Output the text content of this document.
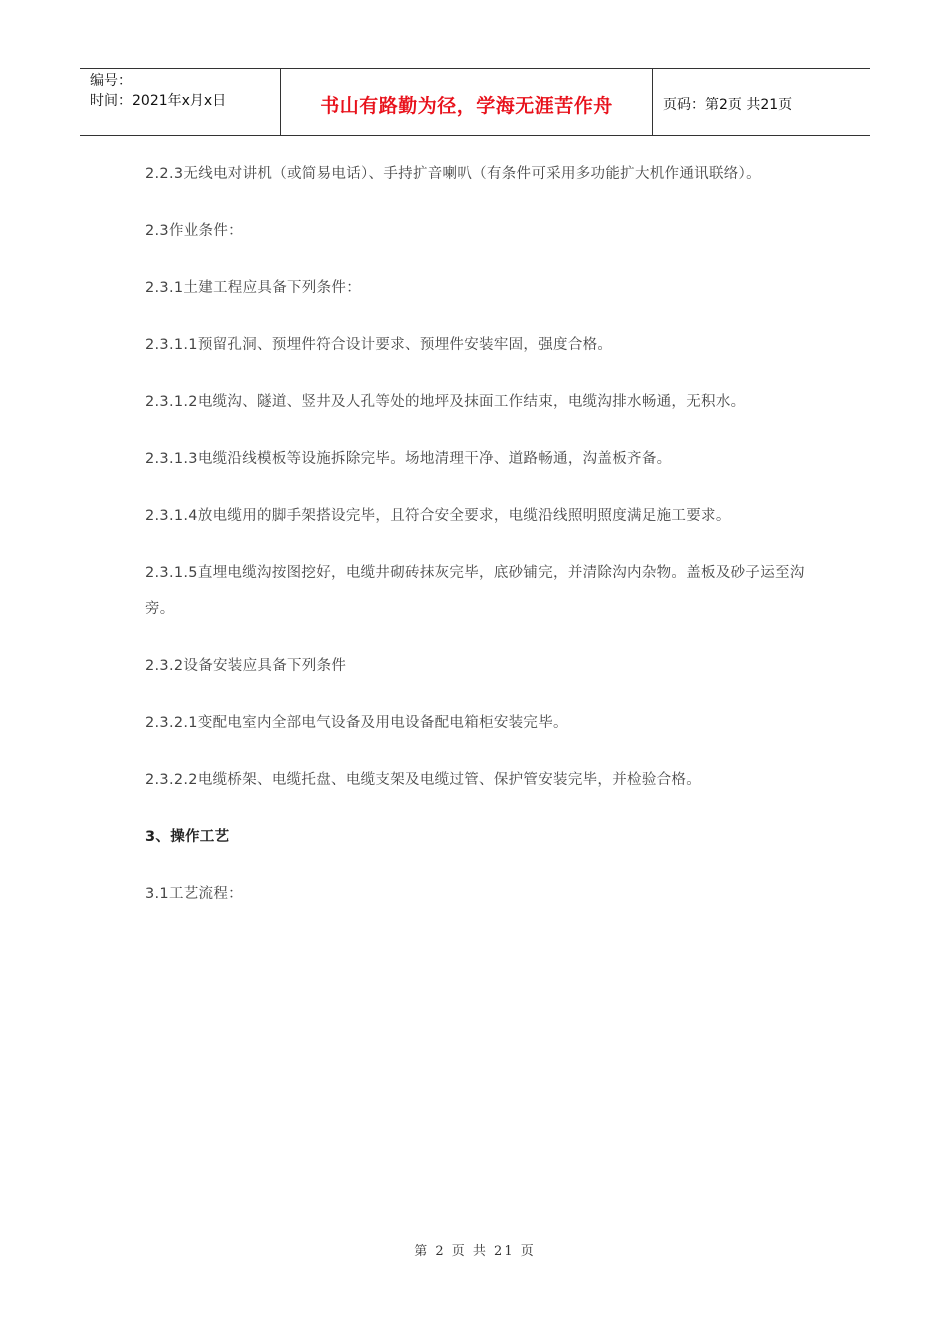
编号：
时间：2021年x月x日	书山有路勤为径，学海无涯苦作舟	页码：第2页 共21页

2.2.3无线电对讲机（或简易电话）、手持扩音喇叭（有条件可采用多功能扩大机作通讯联络）。

2.3作业条件：

2.3.1土建工程应具备下列条件：

2.3.1.1预留孔洞、预埋件符合设计要求、预埋件安装牢固，强度合格。

2.3.1.2电缆沟、隧道、竖井及人孔等处的地坪及抹面工作结束，电缆沟排水畅通，无积水。

2.3.1.3电缆沿线模板等设施拆除完毕。场地清理干净、道路畅通，沟盖板齐备。

2.3.1.4放电缆用的脚手架搭设完毕，且符合安全要求，电缆沿线照明照度满足施工要求。

2.3.1.5直埋电缆沟按图挖好，电缆井砌砖抹灰完毕，底砂铺完，并清除沟内杂物。盖板及砂子运至沟旁。

2.3.2设备安装应具备下列条件

2.3.2.1变配电室内全部电气设备及用电设备配电箱柜安装完毕。

2.3.2.2电缆桥架、电缆托盘、电缆支架及电缆过管、保护管安装完毕，并检验合格。

3、操作工艺

3.1工艺流程：

第 2 页 共 21 页
